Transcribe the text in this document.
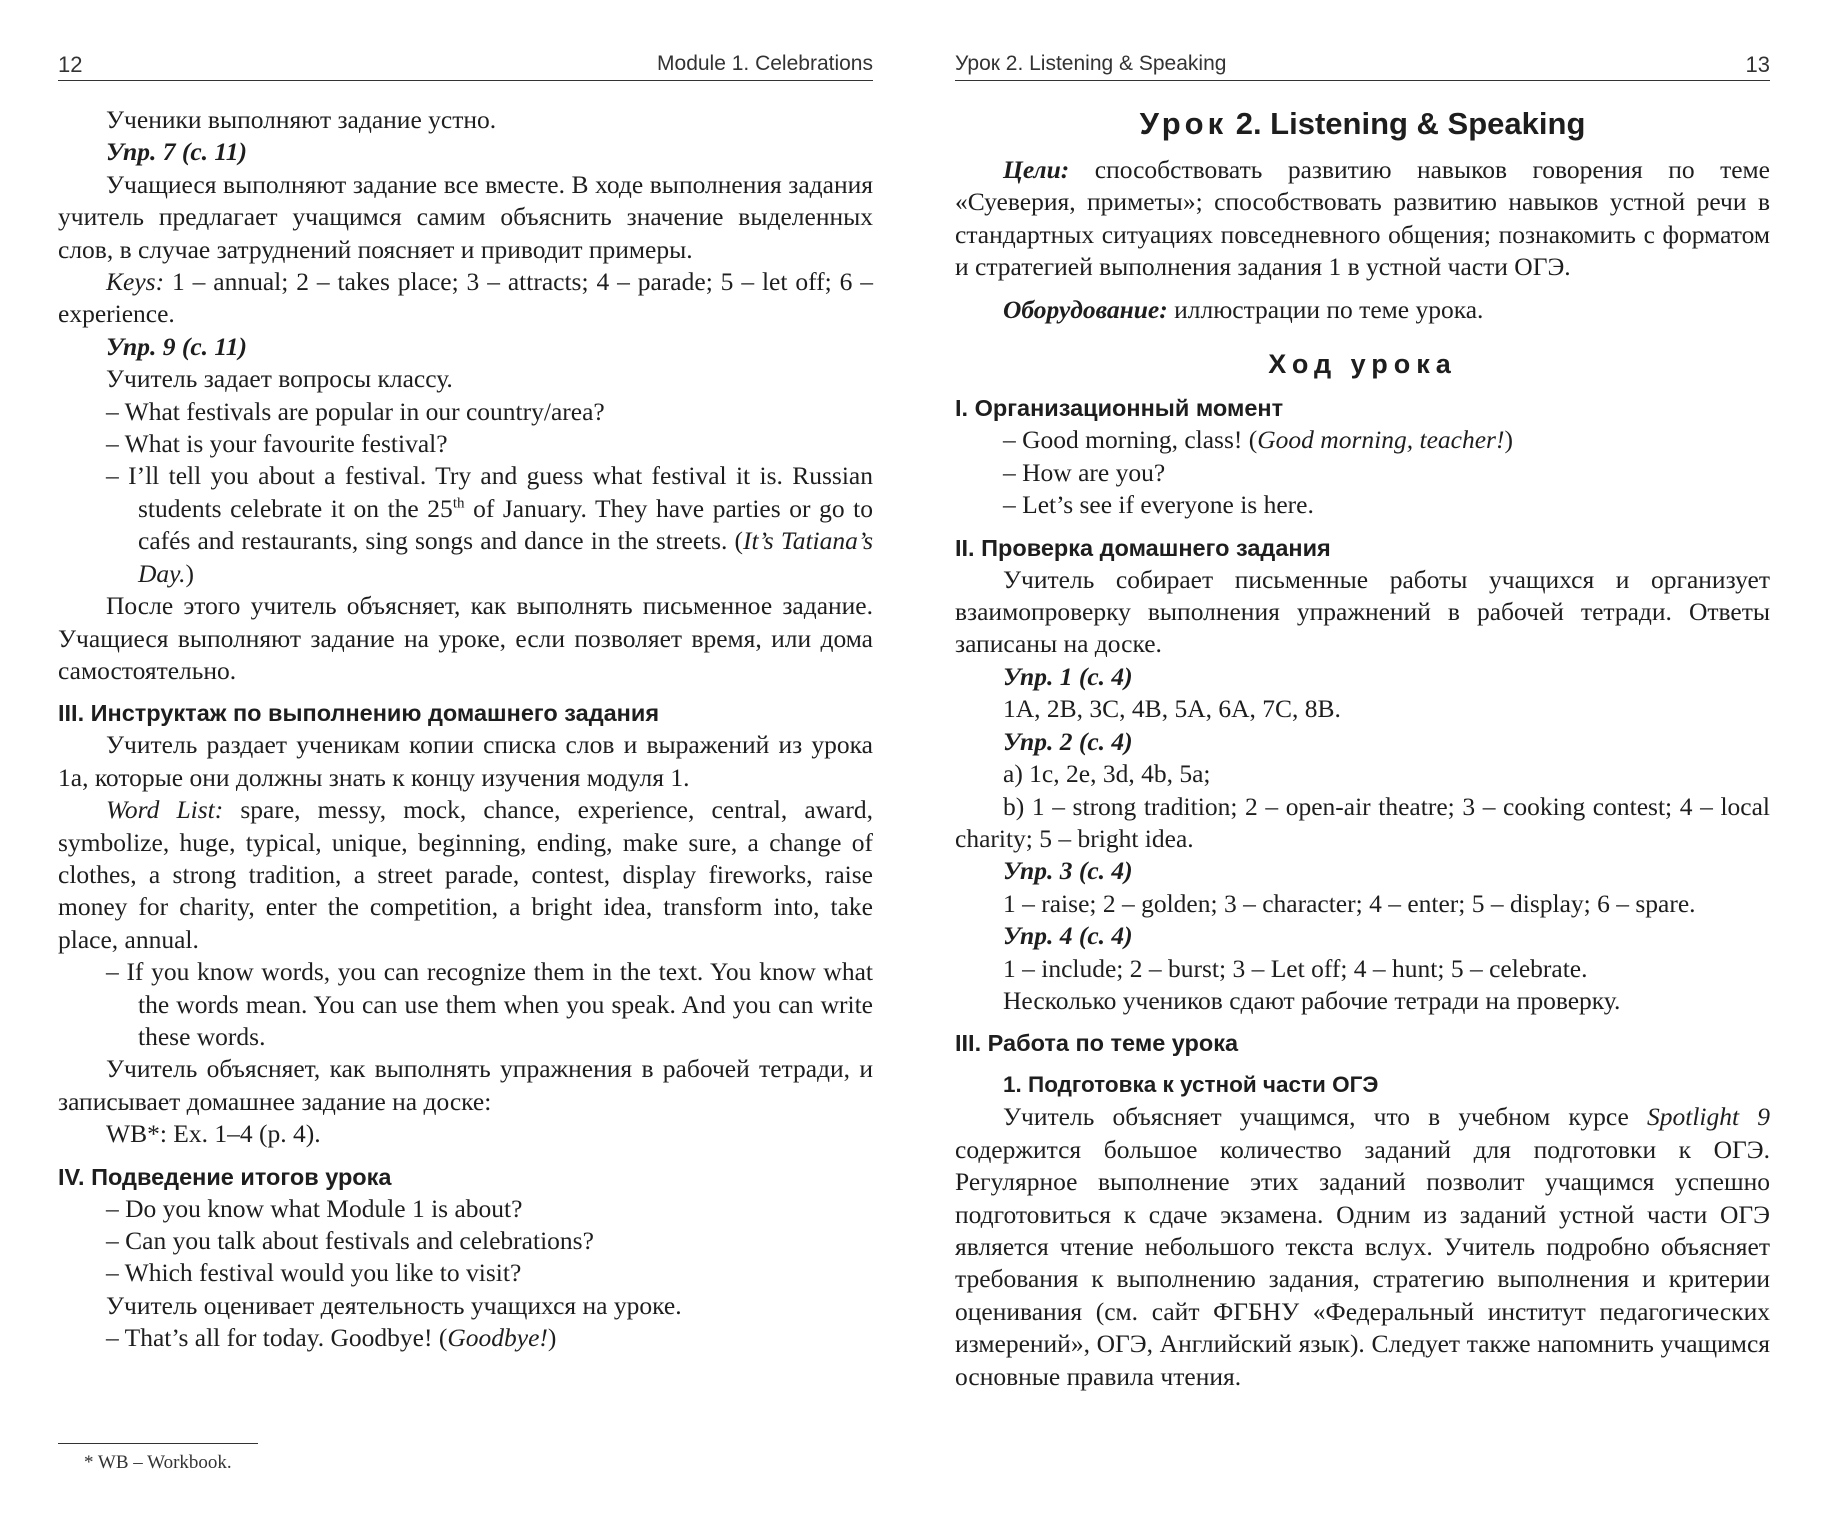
12	Module 1. Celebrations

Ученики выполняют задание устно.

Упр. 7 (с. 11)

Учащиеся выполняют задание все вместе. В ходе выполнения задания учитель предлагает учащимся самим объяснить значение выделенных слов, в случае затруднений поясняет и приводит примеры.

Keys: 1 – annual; 2 – takes place; 3 – attracts; 4 – parade; 5 – let off; 6 – experience.

Упр. 9 (с. 11)

Учитель задает вопросы классу.

– What festivals are popular in our country/area?

– What is your favourite festival?

– I’ll tell you about a festival. Try and guess what festival it is. Russian students celebrate it on the 25th of January. They have parties or go to cafés and restaurants, sing songs and dance in the streets. (It’s Tatiana’s Day.)

После этого учитель объясняет, как выполнять письменное задание. Учащиеся выполняют задание на уроке, если позволяет время, или дома самостоятельно.

III. Инструктаж по выполнению домашнего задания

Учитель раздает ученикам копии списка слов и выражений из урока 1а, которые они должны знать к концу изучения модуля 1.

Word List: spare, messy, mock, chance, experience, central, award, symbolize, huge, typical, unique, beginning, ending, make sure, a change of clothes, a strong tradition, a street parade, contest, display fireworks, raise money for charity, enter the competition, a bright idea, transform into, take place, annual.

– If you know words, you can recognize them in the text. You know what the words mean. You can use them when you speak. And you can write these words.

Учитель объясняет, как выполнять упражнения в рабочей тетради, и записывает домашнее задание на доске:

WB*: Ex. 1–4 (p. 4).

IV. Подведение итогов урока

– Do you know what Module 1 is about?

– Can you talk about festivals and celebrations?

– Which festival would you like to visit?

Учитель оценивает деятельность учащихся на уроке.

– That’s all for today. Goodbye! (Goodbye!)

* WB – Workbook.
Урок 2. Listening & Speaking	13
Урок 2. Listening & Speaking

Цели: способствовать развитию навыков говорения по теме «Суеверия, приметы»; способствовать развитию навыков устной речи в стандартных ситуациях повседневного общения; познакомить с форматом и стратегией выполнения задания 1 в устной части ОГЭ.

Оборудование: иллюстрации по теме урока.

Ход урока
I. Организационный момент

– Good morning, class! (Good morning, teacher!)

– How are you?

– Let’s see if everyone is here.

II. Проверка домашнего задания

Учитель собирает письменные работы учащихся и организует взаимопроверку выполнения упражнений в рабочей тетради. Ответы записаны на доске.

Упр. 1 (с. 4)

1А, 2В, 3С, 4В, 5А, 6А, 7С, 8В.

Упр. 2 (с. 4)

a) 1c, 2e, 3d, 4b, 5a;

b) 1 – strong tradition; 2 – open-air theatre; 3 – cooking contest; 4 – local charity; 5 – bright idea.

Упр. 3 (с. 4)

1 – raise; 2 – golden; 3 – character; 4 – enter; 5 – display; 6 – spare.

Упр. 4 (с. 4)

1 – include; 2 – burst; 3 – Let off; 4 – hunt; 5 – celebrate.

Несколько учеников сдают рабочие тетради на проверку.

III. Работа по теме урока
1. Подготовка к устной части ОГЭ

Учитель объясняет учащимся, что в учебном курсе Spotlight 9 содержится большое количество заданий для подготовки к ОГЭ. Регулярное выполнение этих заданий позволит учащимся успешно подготовиться к сдаче экзамена. Одним из заданий устной части ОГЭ является чтение небольшого текста вслух. Учитель подробно объясняет требования к выполнению задания, стратегию выполнения и критерии оценивания (см. сайт ФГБНУ «Федеральный институт педагогических измерений», ОГЭ, Английский язык). Следует также напомнить учащимся основные правила чтения.
